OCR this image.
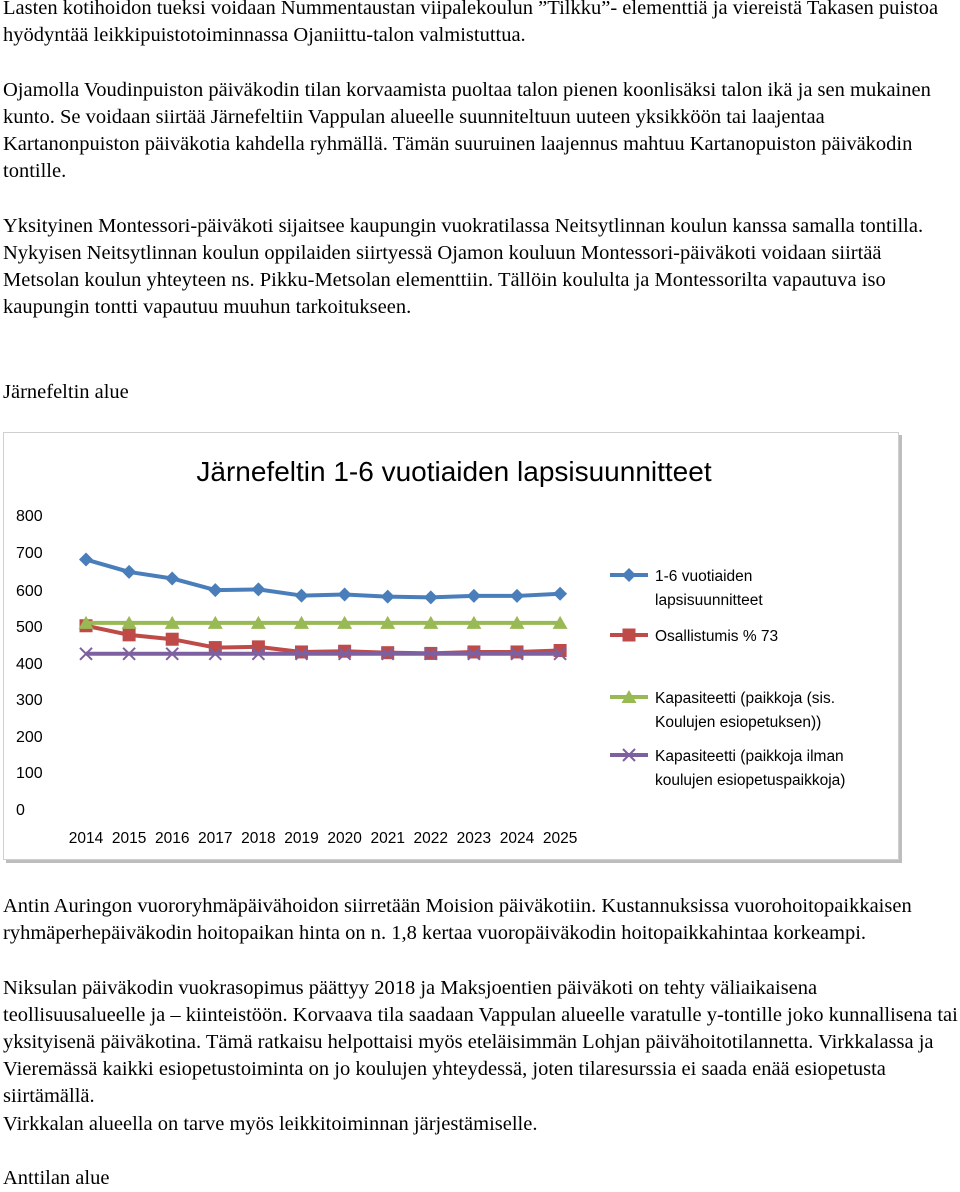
Lasten kotihoidon tueksi voidaan Nummentaustan viipalekoulun ”Tilkku”- elementtiä ja viereistä Takasen puistoa hyödyntää leikkipuistotoiminnassa Ojaniittu-talon valmistuttua.

Ojamolla Voudinpuiston päiväkodin tilan korvaamista puoltaa talon pienen koonlisäksi talon ikä ja sen mukainen kunto. Se voidaan siirtää Järnefeltiin Vappulan alueelle suunniteltuun uuteen yksikköön tai laajentaa Kartanonpuiston päiväkotia kahdella ryhmällä. Tämän suuruinen laajennus mahtuu Kartanopuiston päiväkodin tontille.

Yksityinen Montessori-päiväkoti sijaitsee kaupungin vuokratilassa Neitsytlinnan koulun kanssa samalla tontilla. Nykyisen Neitsytlinnan koulun oppilaiden siirtyessä Ojamon kouluun Montessori-päiväkoti voidaan siirtää Metsolan koulun yhteyteen ns. Pikku-Metsolan elementtiin. Tällöin koululta ja Montessorilta vapautuva iso kaupungin tontti vapautuu muuhun tarkoitukseen.

Järnefeltin alue

Järnefeltin 1-6 vuotiaiden lapsisuunnitteet
0
100
200
300
400
500
600
700
800
2014 2015 2016 2017 2018 2019 2020 2021 2022 2023 2024 2025
1-6 vuotiaiden
lapsisuunnitteet
Osallistumis % 73
Kapasiteetti (paikkoja (sis.
Koulujen esiopetuksen))
Kapasiteetti (paikkoja ilman
koulujen esiopetuspaikkoja)

Antin Auringon vuororyhmäpäivähoidon siirretään Moision päiväkotiin. Kustannuksissa vuorohoitopaikkaisen ryhmäperhepäiväkodin hoitopaikan hinta on n. 1,8 kertaa vuoropäiväkodin hoitopaikkahintaa korkeampi.

Niksulan päiväkodin vuokrasopimus päättyy 2018 ja Maksjoentien päiväkoti on tehty väliaikaisena teollisuusalueelle ja – kiinteistöön. Korvaava tila saadaan Vappulan alueelle varatulle y-tontille joko kunnallisena tai yksityisenä päiväkotina. Tämä ratkaisu helpottaisi myös eteläisimmän Lohjan päivähoitotilannetta. Virkkalassa ja Vieremässä kaikki esiopetustoiminta on jo koulujen yhteydessä, joten tilaresurssia ei saada enää esiopetusta siirtämällä.

Virkkalan alueella on tarve myös leikkitoiminnan järjestämiselle.

Anttilan alue
